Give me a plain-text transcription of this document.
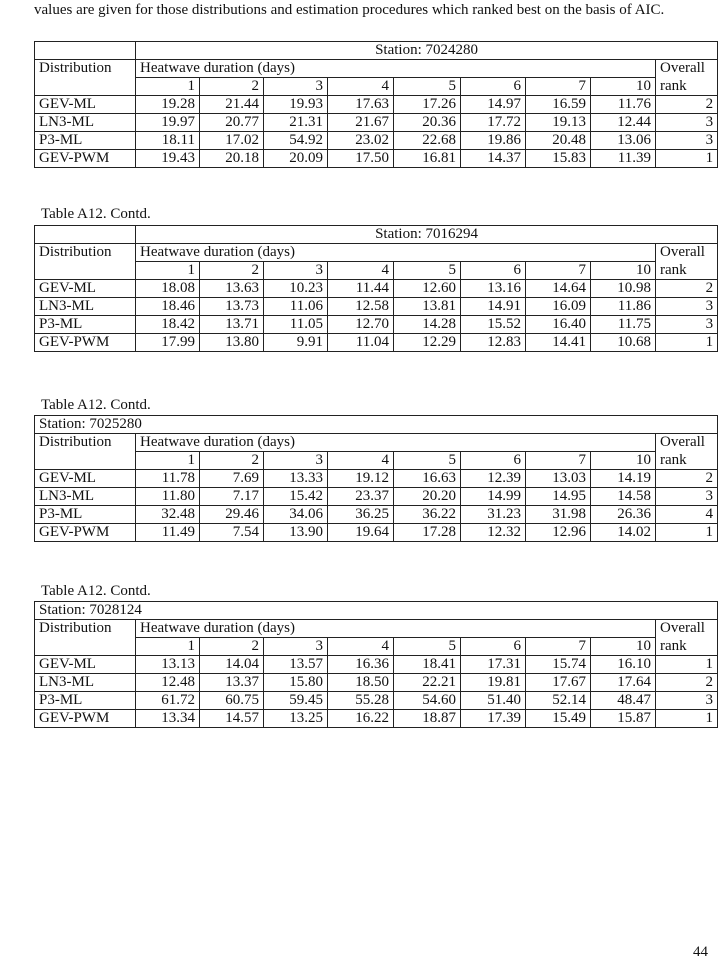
values are given for those distributions and estimation procedures which ranked best on the basis of AIC.
	Station: 7024280								
Distribution	Heatwave duration (days)								Overall
	1	2	3	4	5	6	7	10	rank
GEV-ML	19.28	21.44	19.93	17.63	17.26	14.97	16.59	11.76	2
LN3-ML	19.97	20.77	21.31	21.67	20.36	17.72	19.13	12.44	3
P3-ML	18.11	17.02	54.92	23.02	22.68	19.86	20.48	13.06	3
GEV-PWM	19.43	20.18	20.09	17.50	16.81	14.37	15.83	11.39	1
Table A12. Contd.
	Station: 7016294								
Distribution	Heatwave duration (days)								Overall
	1	2	3	4	5	6	7	10	rank
GEV-ML	18.08	13.63	10.23	11.44	12.60	13.16	14.64	10.98	2
LN3-ML	18.46	13.73	11.06	12.58	13.81	14.91	16.09	11.86	3
P3-ML	18.42	13.71	11.05	12.70	14.28	15.52	16.40	11.75	3
GEV-PWM	17.99	13.80	9.91	11.04	12.29	12.83	14.41	10.68	1
Table A12. Contd.
Station: 7025280									
Distribution	Heatwave duration (days)								Overall
	1	2	3	4	5	6	7	10	rank
GEV-ML	11.78	7.69	13.33	19.12	16.63	12.39	13.03	14.19	2
LN3-ML	11.80	7.17	15.42	23.37	20.20	14.99	14.95	14.58	3
P3-ML	32.48	29.46	34.06	36.25	36.22	31.23	31.98	26.36	4
GEV-PWM	11.49	7.54	13.90	19.64	17.28	12.32	12.96	14.02	1
Table A12. Contd.
Station: 7028124									
Distribution	Heatwave duration (days)								Overall
	1	2	3	4	5	6	7	10	rank
GEV-ML	13.13	14.04	13.57	16.36	18.41	17.31	15.74	16.10	1
LN3-ML	12.48	13.37	15.80	18.50	22.21	19.81	17.67	17.64	2
P3-ML	61.72	60.75	59.45	55.28	54.60	51.40	52.14	48.47	3
GEV-PWM	13.34	14.57	13.25	16.22	18.87	17.39	15.49	15.87	1
44
